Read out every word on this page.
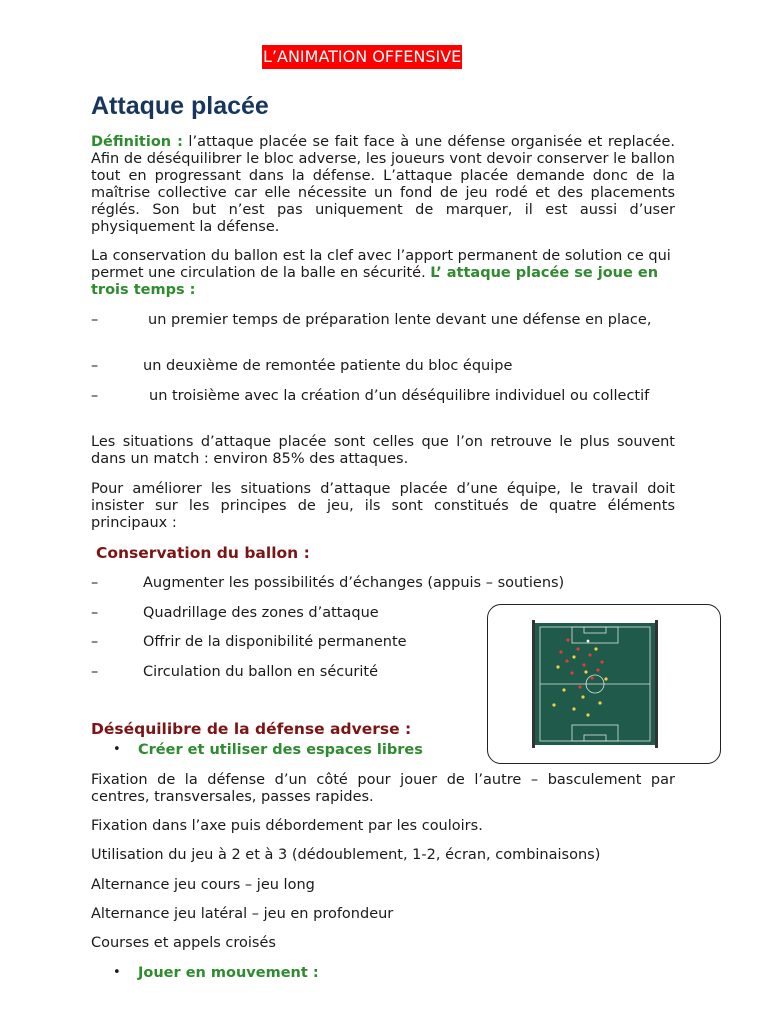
L’ANIMATION OFFENSIVE
Attaque placée
Définition : l’attaque placée se fait face à une défense organisée et replacée. Afin de déséquilibrer le bloc adverse, les joueurs vont devoir conserver le ballon tout en progressant dans la défense. L’attaque placée demande donc de la maîtrise collective car elle nécessite un fond de jeu rodé et des placements réglés. Son but n’est pas uniquement de marquer, il est aussi d’user physiquement la défense.
La conservation du ballon est la clef avec l’apport permanent de solution ce qui permet une circulation de la balle en sécurité. L’ attaque placée se joue en trois temps :
–	un premier temps de préparation lente devant une défense en place,
–	un deuxième de remontée patiente du bloc équipe
–	un troisième avec la création d’un déséquilibre individuel ou collectif
Les situations d’attaque placée sont celles que l’on retrouve le plus souvent dans un match : environ 85% des attaques.
Pour améliorer les situations d’attaque placée d’une équipe, le travail doit insister sur les principes de jeu, ils sont constitués de quatre éléments principaux :
Conservation du ballon :
–	Augmenter les possibilités d’échanges (appuis – soutiens)
–	Quadrillage des zones d’attaque
–	Offrir de la disponibilité permanente
–	Circulation du ballon en sécurité
Déséquilibre de la défense adverse :
• Créer et utiliser des espaces libres
Fixation de la défense d’un côté pour jouer de l’autre – basculement par centres, transversales, passes rapides.
Fixation dans l’axe puis débordement par les couloirs.
Utilisation du jeu à 2 et à 3 (dédoublement, 1-2, écran, combinaisons)
Alternance jeu cours – jeu long
Alternance jeu latéral – jeu en profondeur
Courses et appels croisés
• Jouer en mouvement :
